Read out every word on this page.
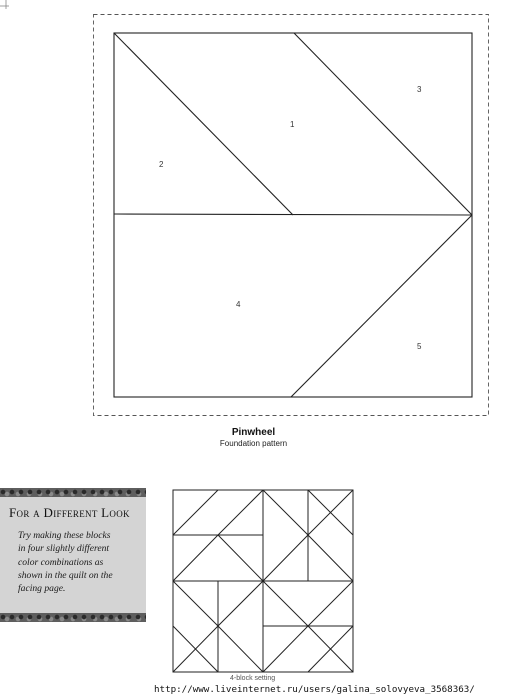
1
2
3
4
5
Pinwheel
Foundation pattern
For a Different Look
Try making these blocks
in four slightly different
color combinations as
shown in the quilt on the
facing page.
4-block setting
http://www.liveinternet.ru/users/galina_solovyeva_3568363/
